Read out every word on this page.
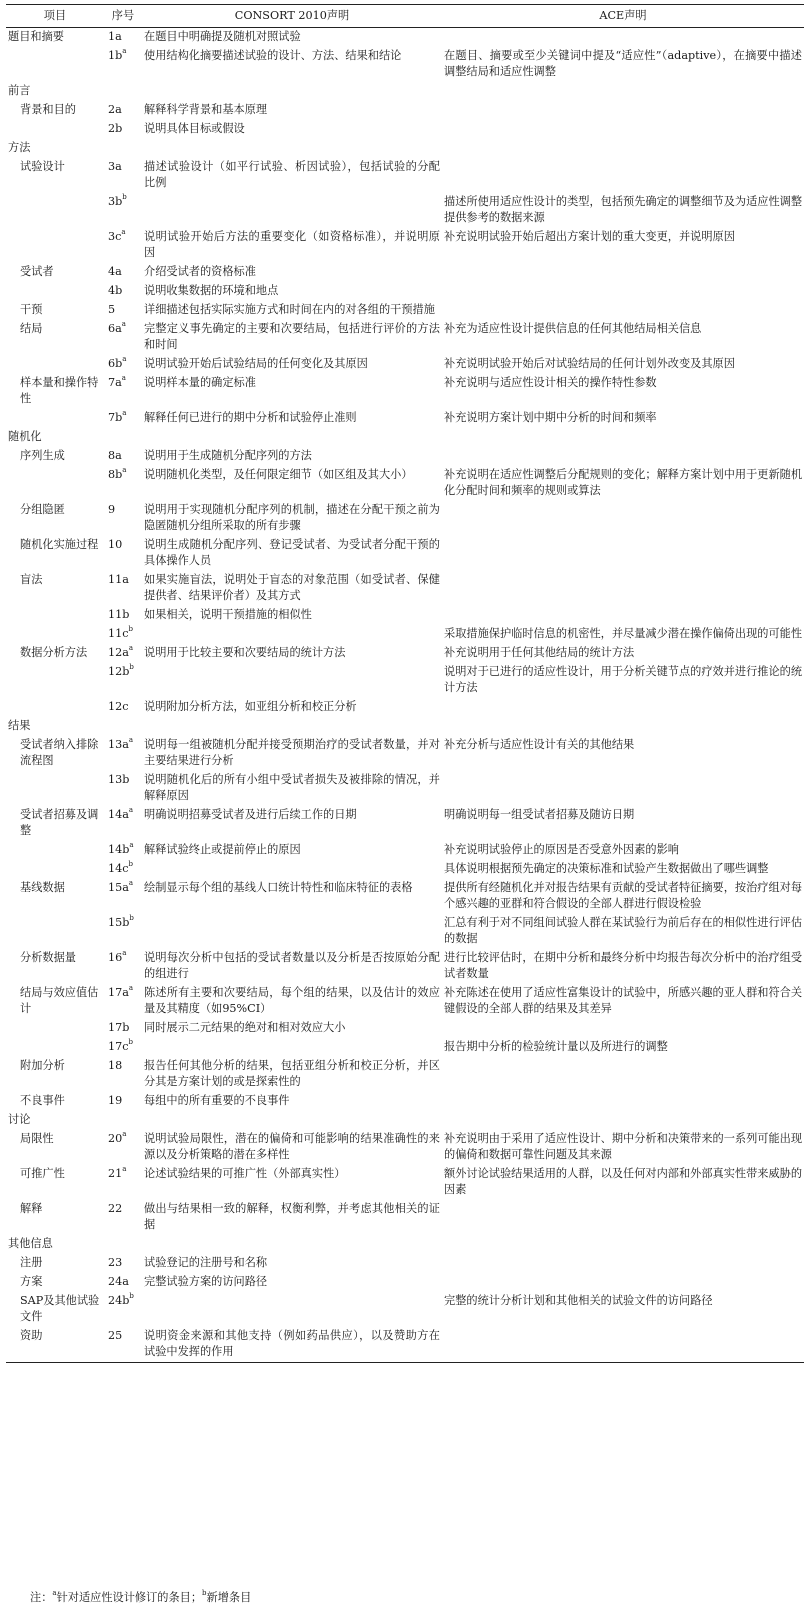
项目	序号	CONSORT 2010声明	ACE声明
题目和摘要	1a	在题目中明确提及随机对照试验	
	$1b^a$	使用结构化摘要描述试验的设计、方法、结果和结论	在题目、摘要或至少关键词中提及“适应性”（adaptive），在摘要中描述调整结局和适应性调整
前言			
背景和目的	2a	解释科学背景和基本原理	
	2b	说明具体目标或假设	
方法			
试验设计	3a	描述试验设计（如平行试验、析因试验），包括试验的分配比例	
	$3b^b$		描述所使用适应性设计的类型，包括预先确定的调整细节及为适应性调整提供参考的数据来源
	$3c^a$	说明试验开始后方法的重要变化（如资格标准），并说明原因	补充说明试验开始后超出方案计划的重大变更，并说明原因
受试者	4a	介绍受试者的资格标准	
	4b	说明收集数据的环境和地点	
干预	5	详细描述包括实际实施方式和时间在内的对各组的干预措施	
结局	$6a^a$	完整定义事先确定的主要和次要结局，包括进行评价的方法和时间	补充为适应性设计提供信息的任何其他结局相关信息
	$6b^a$	说明试验开始后试验结局的任何变化及其原因	补充说明试验开始后对试验结局的任何计划外改变及其原因
样本量和操作特性	$7a^a$	说明样本量的确定标准	补充说明与适应性设计相关的操作特性参数
	$7b^a$	解释任何已进行的期中分析和试验停止准则	补充说明方案计划中期中分析的时间和频率
随机化			
序列生成	8a	说明用于生成随机分配序列的方法	
	$8b^a$	说明随机化类型，及任何限定细节（如区组及其大小）	补充说明在适应性调整后分配规则的变化；解释方案计划中用于更新随机化分配时间和频率的规则或算法
分组隐匿	9	说明用于实现随机分配序列的机制，描述在分配干预之前为隐匿随机分组所采取的所有步骤	
随机化实施过程	10	说明生成随机分配序列、登记受试者、为受试者分配干预的具体操作人员	
盲法	11a	如果实施盲法，说明处于盲态的对象范围（如受试者、保健提供者、结果评价者）及其方式	
	11b	如果相关，说明干预措施的相似性	
	$11c^b$		采取措施保护临时信息的机密性，并尽量减少潜在操作偏倚出现的可能性
数据分析方法	$12a^a$	说明用于比较主要和次要结局的统计方法	补充说明用于任何其他结局的统计方法
	$12b^b$		说明对于已进行的适应性设计，用于分析关键节点的疗效并进行推论的统计方法
	12c	说明附加分析方法，如亚组分析和校正分析	
结果			
受试者纳入排除流程图	$13a^a$	说明每一组被随机分配并接受预期治疗的受试者数量，并对主要结果进行分析	补充分析与适应性设计有关的其他结果
	13b	说明随机化后的所有小组中受试者损失及被排除的情况，并解释原因	
受试者招募及调整	$14a^a$	明确说明招募受试者及进行后续工作的日期	明确说明每一组受试者招募及随访日期
	$14b^a$	解释试验终止或提前停止的原因	补充说明试验停止的原因是否受意外因素的影响
	$14c^b$		具体说明根据预先确定的决策标准和试验产生数据做出了哪些调整
基线数据	$15a^a$	绘制显示每个组的基线人口统计特性和临床特征的表格	提供所有经随机化并对报告结果有贡献的受试者特征摘要，按治疗组对每个感兴趣的亚群和符合假设的全部人群进行假设检验
	$15b^b$		汇总有利于对不同组间试验人群在某试验行为前后存在的相似性进行评估的数据
分析数据量	16$^a$	说明每次分析中包括的受试者数量以及分析是否按原始分配的组进行	进行比较评估时，在期中分析和最终分析中均报告每次分析中的治疗组受试者数量
结局与效应值估计	$17a^a$	陈述所有主要和次要结局，每个组的结果，以及估计的效应量及其精度（如95%CI）	补充陈述在使用了适应性富集设计的试验中，所感兴趣的亚人群和符合关键假设的全部人群的结果及其差异
	17b	同时展示二元结果的绝对和相对效应大小	
	$17c^b$		报告期中分析的检验统计量以及所进行的调整
附加分析	18	报告任何其他分析的结果，包括亚组分析和校正分析，并区分其是方案计划的或是探索性的	
不良事件	19	每组中的所有重要的不良事件	
讨论			
局限性	20$^a$	说明试验局限性，潜在的偏倚和可能影响的结果准确性的来源以及分析策略的潜在多样性	补充说明由于采用了适应性设计、期中分析和决策带来的一系列可能出现的偏倚和数据可靠性问题及其来源
可推广性	21$^a$	论述试验结果的可推广性（外部真实性）	额外讨论试验结果适用的人群，以及任何对内部和外部真实性带来威胁的因素
解释	22	做出与结果相一致的解释，权衡利弊，并考虑其他相关的证据	
其他信息			
注册	23	试验登记的注册号和名称	
方案	24a	完整试验方案的访问路径	
SAP及其他试验文件	$24b^b$		完整的统计分析计划和其他相关的试验文件的访问路径
资助	25	说明资金来源和其他支持（例如药品供应），以及赞助方在试验中发挥的作用	
注：$^a$针对适应性设计修订的条目；$^b$新增条目
